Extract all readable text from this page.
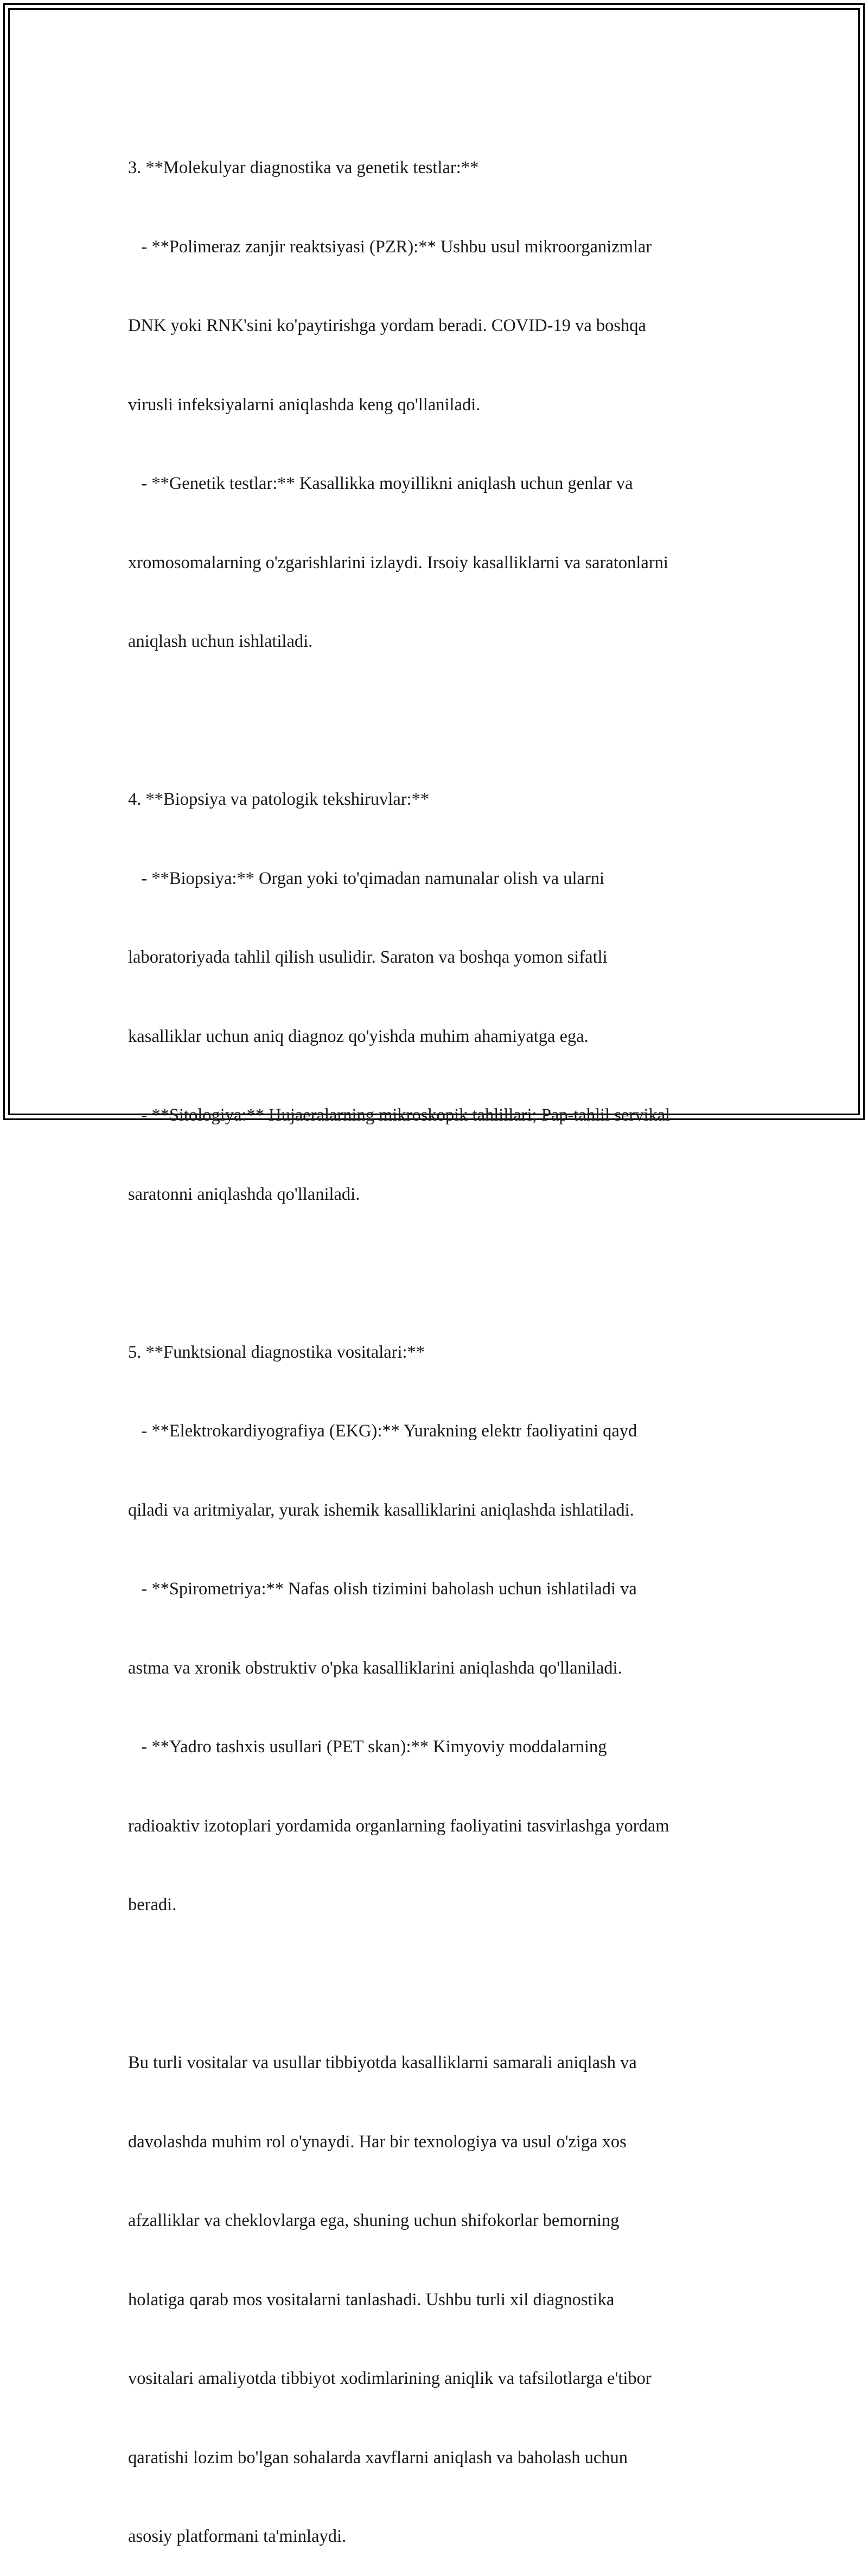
3. **Molekulyar diagnostika va genetik testlar:**

- **Polimeraz zanjir reaktsiyasi (PZR):** Ushbu usul mikroorganizmlar

DNK yoki RNK'sini ko'paytirishga yordam beradi. COVID-19 va boshqa

virusli infeksiyalarni aniqlashda keng qo'llaniladi.

- **Genetik testlar:** Kasallikka moyillikni aniqlash uchun genlar va

xromosomalarning o'zgarishlarini izlaydi. Irsoiy kasalliklarni va saratonlarni

aniqlash uchun ishlatiladi.

4. **Biopsiya va patologik tekshiruvlar:**

- **Biopsiya:** Organ yoki to'qimadan namunalar olish va ularni

laboratoriyada tahlil qilish usulidir. Saraton va boshqa yomon sifatli

kasalliklar uchun aniq diagnoz qo'yishda muhim ahamiyatga ega.

- **Sitologiya:** Hujaeralarning mikroskopik tahlillari; Pap-tahlil servikal

saratonni aniqlashda qo'llaniladi.

5. **Funktsional diagnostika vositalari:**

- **Elektrokardiyografiya (EKG):** Yurakning elektr faoliyatini qayd

qiladi va aritmiyalar, yurak ishemik kasalliklarini aniqlashda ishlatiladi.

- **Spirometriya:** Nafas olish tizimini baholash uchun ishlatiladi va

astma va xronik obstruktiv o'pka kasalliklarini aniqlashda qo'llaniladi.

- **Yadro tashxis usullari (PET skan):** Kimyoviy moddalarning

radioaktiv izotoplari yordamida organlarning faoliyatini tasvirlashga yordam

beradi.

Bu turli vositalar va usullar tibbiyotda kasalliklarni samarali aniqlash va

davolashda muhim rol o'ynaydi. Har bir texnologiya va usul o'ziga xos

afzalliklar va cheklovlarga ega, shuning uchun shifokorlar bemorning

holatiga qarab mos vositalarni tanlashadi. Ushbu turli xil diagnostika

vositalari amaliyotda tibbiyot xodimlarining aniqlik va tafsilotlarga e'tibor

qaratishi lozim bo'lgan sohalarda xavflarni aniqlash va baholash uchun

asosiy platformani ta'minlaydi.
